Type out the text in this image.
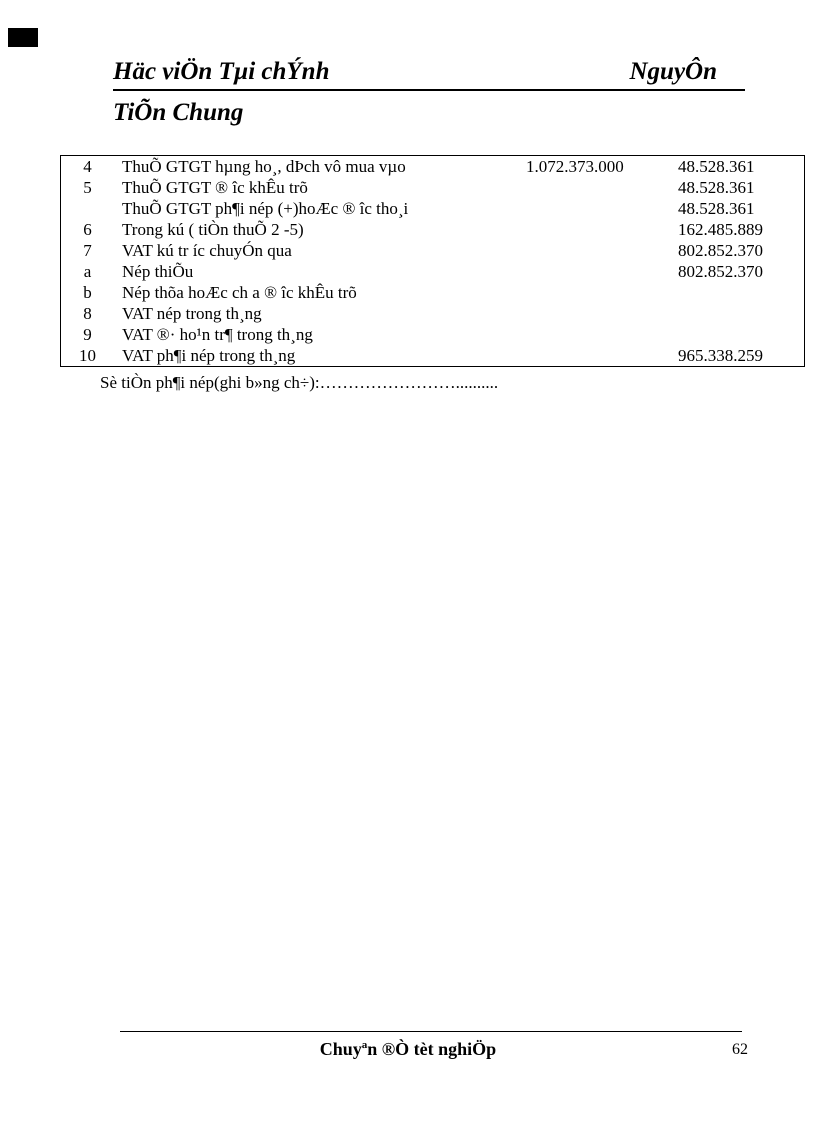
Häc viÖn Tµi chÝnh	NguyÔn
TiÕn Chung
4	ThuÕ GTGT hµng ho¸, dÞch vô mua vµo	1.072.373.000	48.528.361
5	ThuÕ GTGT ® îc khÊu trõ		48.528.361
	ThuÕ GTGT ph¶i nép (+)hoÆc ® îc tho¸i		48.528.361
6	Trong kú ( tiÒn thuÕ 2 -5)		162.485.889
7	VAT kú tr íc chuyÓn qua		802.852.370
a	Nép thiÕu		802.852.370
b	Nép thõa hoÆc ch a ® îc khÊu trõ		
8	VAT nép trong th¸ng		
9	VAT ®· ho¹n tr¶ trong th¸ng		
10	VAT ph¶i nép trong th¸ng		965.338.259
Sè tiÒn ph¶i nép(ghi b»ng ch÷):……………………..........
Chuyªn ®Ò tèt nghiÖp	62
